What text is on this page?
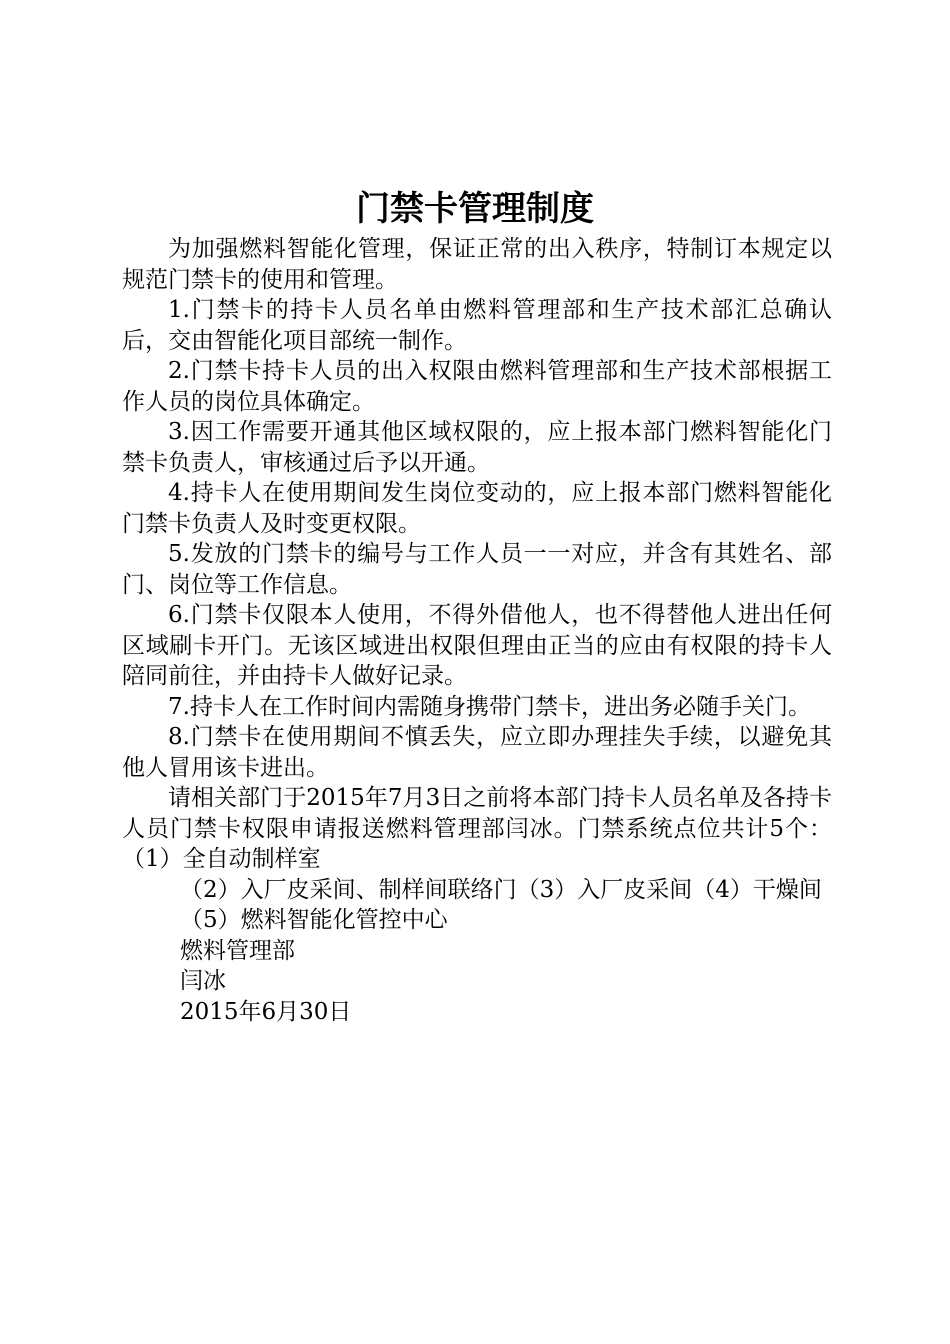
门禁卡管理制度

为加强燃料智能化管理，保证正常的出入秩序，特制订本规定以规范门禁卡的使用和管理。

1.门禁卡的持卡人员名单由燃料管理部和生产技术部汇总确认后，交由智能化项目部统一制作。

2.门禁卡持卡人员的出入权限由燃料管理部和生产技术部根据工作人员的岗位具体确定。

3.因工作需要开通其他区域权限的，应上报本部门燃料智能化门禁卡负责人，审核通过后予以开通。

4.持卡人在使用期间发生岗位变动的，应上报本部门燃料智能化门禁卡负责人及时变更权限。

5.发放的门禁卡的编号与工作人员一一对应，并含有其姓名、部门、岗位等工作信息。

6.门禁卡仅限本人使用，不得外借他人，也不得替他人进出任何区域刷卡开门。无该区域进出权限但理由正当的应由有权限的持卡人陪同前往，并由持卡人做好记录。

7.持卡人在工作时间内需随身携带门禁卡，进出务必随手关门。

8.门禁卡在使用期间不慎丢失，应立即办理挂失手续，以避免其他人冒用该卡进出。

请相关部门于2015年7月3日之前将本部门持卡人员名单及各持卡人员门禁卡权限申请报送燃料管理部闫冰。门禁系统点位共计5个：（1）全自动制样室

（2）入厂皮采间、制样间联络门（3）入厂皮采间（4）干燥间

（5）燃料智能化管控中心

燃料管理部

闫冰

2015年6月30日
